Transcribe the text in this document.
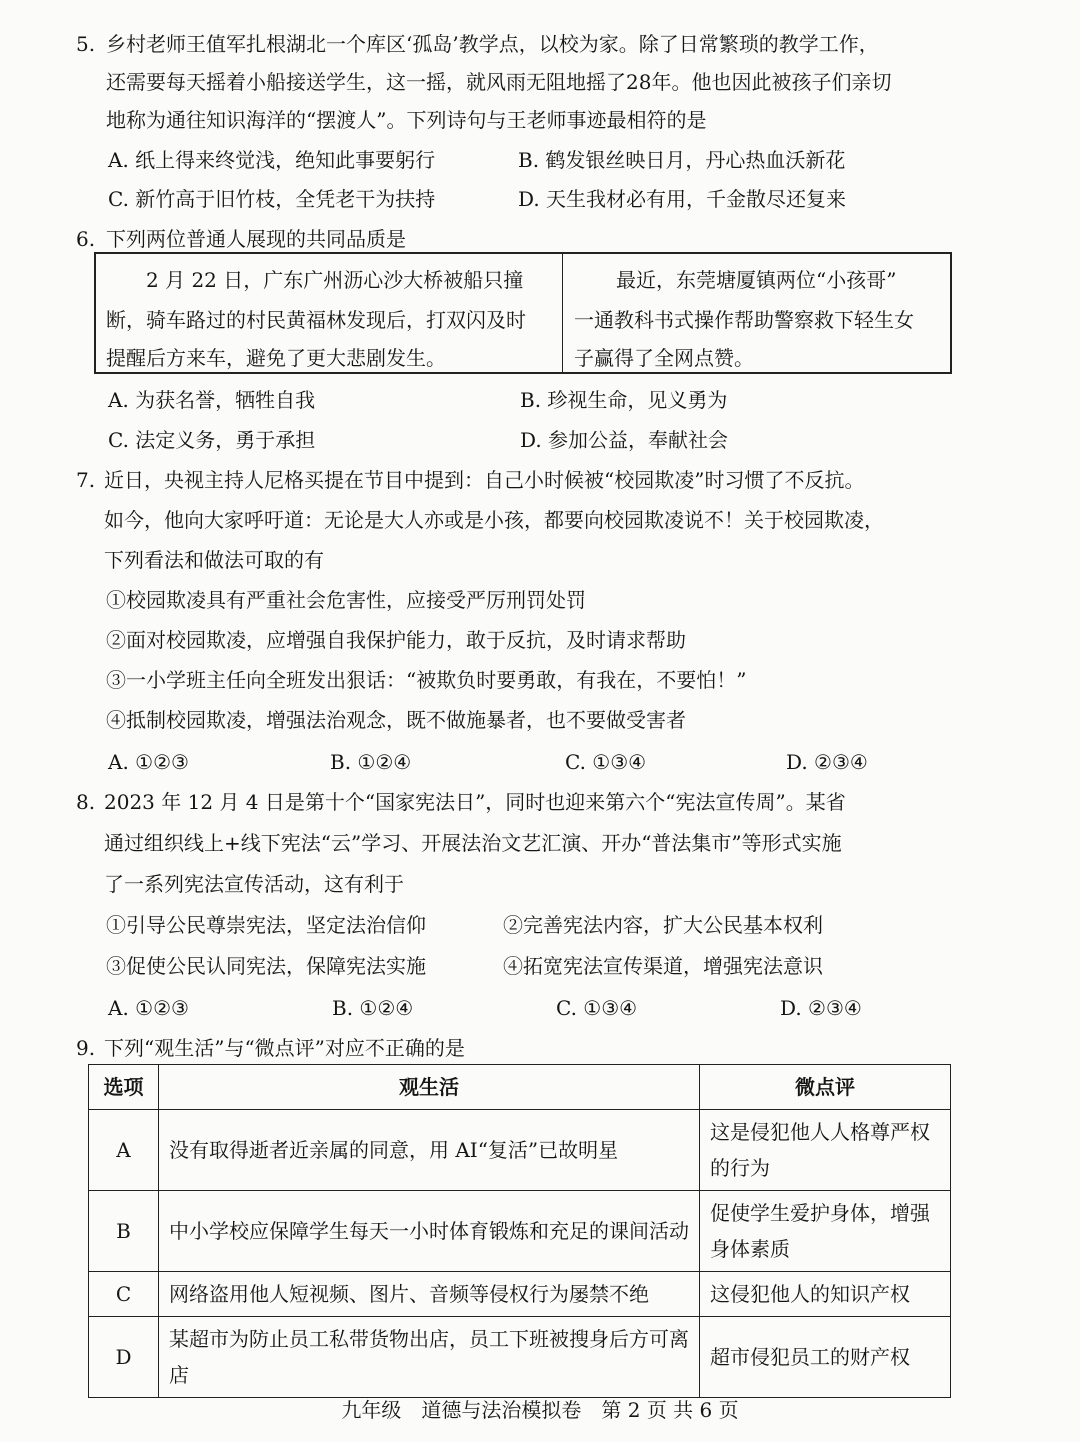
5. 乡村老师王值军扎根湖北一个库区‘孤岛’教学点，以校为家。除了日常繁琐的教学工作，
还需要每天摇着小船接送学生，这一摇，就风雨无阻地摇了28年。他也因此被孩子们亲切
地称为通往知识海洋的“摆渡人”。下列诗句与王老师事迹最相符的是
A. 纸上得来终觉浅，绝知此事要躬行	B. 鹤发银丝映日月，丹心热血沃新花
C. 新竹高于旧竹枝，全凭老干为扶持	D. 天生我材必有用，千金散尽还复来
6. 下列两位普通人展现的共同品质是
2 月 22 日，广东广州沥心沙大桥被船只撞
断，骑车路过的村民黄福林发现后，打双闪及时
提醒后方来车，避免了更大悲剧发生。
最近，东莞塘厦镇两位“小孩哥”
一通教科书式操作帮助警察救下轻生女
子赢得了全网点赞。
A. 为获名誉，牺牲自我	B. 珍视生命，见义勇为
C. 法定义务，勇于承担	D. 参加公益，奉献社会
7. 近日，央视主持人尼格买提在节目中提到：自己小时候被“校园欺凌”时习惯了不反抗。
如今，他向大家呼吁道：无论是大人亦或是小孩，都要向校园欺凌说不！关于校园欺凌，
下列看法和做法可取的有
①校园欺凌具有严重社会危害性，应接受严厉刑罚处罚
②面对校园欺凌，应增强自我保护能力，敢于反抗，及时请求帮助
③一小学班主任向全班发出狠话：“被欺负时要勇敢，有我在，不要怕！”
④抵制校园欺凌，增强法治观念，既不做施暴者，也不要做受害者
A. ①②③	B. ①②④	C. ①③④	D. ②③④
8. 2023 年 12 月 4 日是第十个“国家宪法日”，同时也迎来第六个“宪法宣传周”。某省
通过组织线上+线下宪法“云”学习、开展法治文艺汇演、开办“普法集市”等形式实施
了一系列宪法宣传活动，这有利于
①引导公民尊崇宪法，坚定法治信仰	②完善宪法内容，扩大公民基本权利
③促使公民认同宪法，保障宪法实施	④拓宽宪法宣传渠道，增强宪法意识
A. ①②③	B. ①②④	C. ①③④	D. ②③④
9. 下列“观生活”与“微点评”对应不正确的是
选项	观生活	微点评
A	没有取得逝者近亲属的同意，用 AI“复活”已故明星	这是侵犯他人人格尊严权的行为
B	中小学校应保障学生每天一小时体育锻炼和充足的课间活动	促使学生爱护身体，增强身体素质
C	网络盗用他人短视频、图片、音频等侵权行为屡禁不绝	这侵犯他人的知识产权
D	某超市为防止员工私带货物出店，员工下班被搜身后方可离店	超市侵犯员工的财产权
九年级　道德与法治模拟卷　第 2 页 共 6 页
